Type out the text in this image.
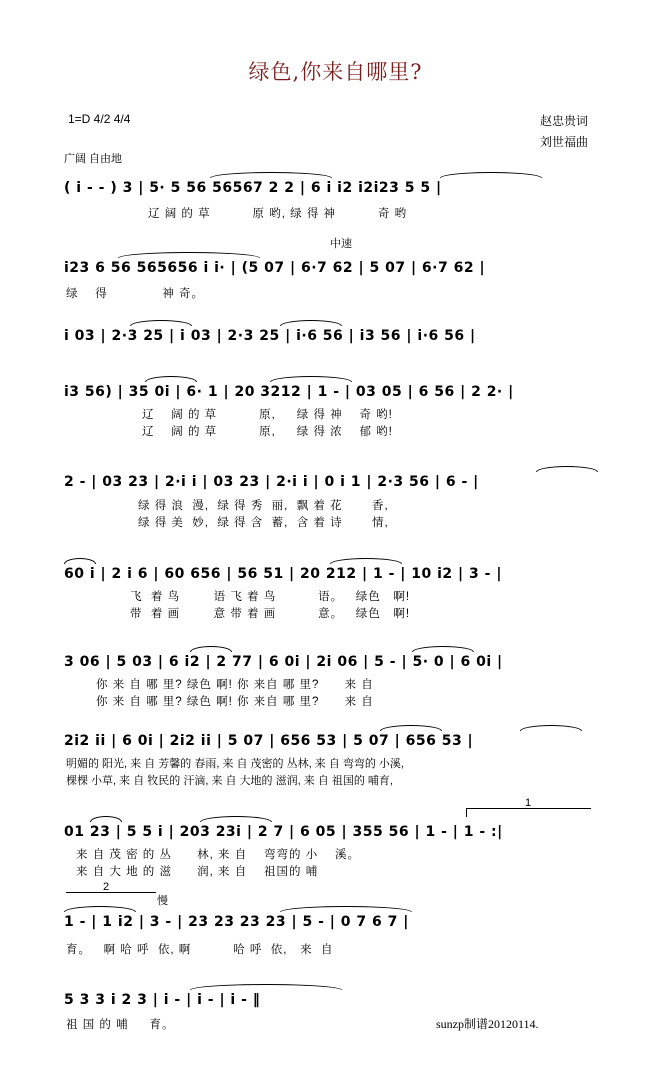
绿色,你来自哪里?
1=D 4/2 4/4	赵忠贵词
刘世福曲
广阔 自由地
中速
慢
( i - - ) 3 | 5· 5 56 56567 2 2 | 6 i i2 i2i23 5 5 |
辽 阔 的 草          原 哟, 绿 得 神          奇 哟
i23 6 56 565656 i i· | (5 07 | 6·7 62 | 5 07 | 6·7 62 |
绿    得             神 奇。
i 03 | 2·3 25 | i 03 | 2·3 25 | i·6 56 | i3 56 | i·6 56 |
i3 56) | 35 0i | 6· 1 | 20 3212 | 1 - | 03 05 | 6 56 | 2 2· |
辽    阔 的 草          原,     绿 得 神    奇 哟!
辽    阔 的 草          原,     绿 得 浓    郁 哟!
2 - | 03 23 | 2·i i | 03 23 | 2·i i | 0 i 1 | 2·3 56 | 6 - |
绿 得 浪  漫,  绿 得 秀  丽,  飘 着 花       香,
绿 得 美  妙,  绿 得 含  蓄,  含 着 诗       情,
60 i | 2 i 6 | 60 656 | 56 51 | 20 212 | 1 - | 10 i2 | 3 - |
飞  着 鸟        语 飞 着 鸟          语。   绿色   啊!
带  着 画        意 带 着 画          意。   绿色   啊!
3 06 | 5 03 | 6 i2 | 2 77 | 6 0i | 2i 06 | 5 - | 5· 0 | 6 0i |
你 来 自 哪 里? 绿色 啊! 你 来自 哪 里?      来 自
你 来 自 哪 里? 绿色 啊! 你 来自 哪 里?      来 自
2i2 ii | 6 0i | 2i2 ii | 5 07 | 656 53 | 5 07 | 656 53 |
明媚的 阳光, 来 自 芳馨的 春雨, 来 自 茂密的 丛林, 来 自 弯弯的 小溪,
棵棵 小草, 来 自 牧民的 汗滴, 来 自 大地的 滋润, 来 自 祖国的 哺育,
1
2
01 23 | 5 5 i | 203 23i | 2 7 | 6 05 | 355 56 | 1 - | 1 - :|
来 自 茂 密 的 丛      林, 来 自    弯弯的 小    溪。
来 自 大 地 的 滋      润, 来 自    祖国的 哺
1 - | 1 i2 | 3 - | 23 23 23 23 | 5 - | 0 7 6 7 |
育。   啊 哈 呼  依, 啊          哈 呼  依,   来  自
5 3 3 i 2 3 | i - | i - | i - ‖
祖 国 的 哺     育。	sunzp制谱20120114.
